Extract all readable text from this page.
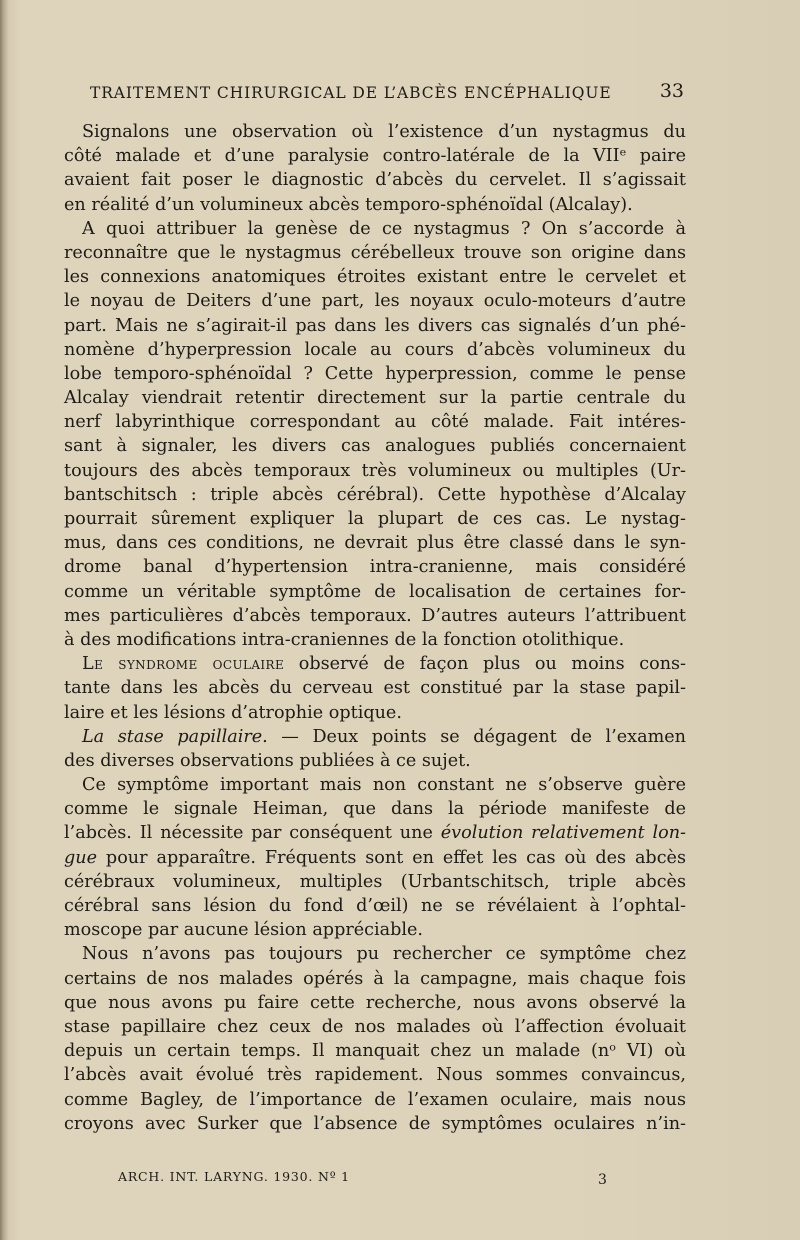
TRAITEMENT CHIRURGICAL DE L’ABCÈS ENCÉPHALIQUE	33
Signalons une observation où l’existence d’un nystagmus du
côté malade et d’une paralysie contro-latérale de la VIIᵉ paire
avaient fait poser le diagnostic d’abcès du cervelet. Il s’agissait
en réalité d’un volumineux abcès temporo-sphénoïdal (Alcalay).
A quoi attribuer la genèse de ce nystagmus ? On s’accorde à
reconnaître que le nystagmus cérébelleux trouve son origine dans
les connexions anatomiques étroites existant entre le cervelet et
le noyau de Deiters d’une part, les noyaux oculo-moteurs d’autre
part. Mais ne s’agirait-il pas dans les divers cas signalés d’un phé-
nomène d’hyperpression locale au cours d’abcès volumineux du
lobe temporo-sphénoïdal ? Cette hyperpression, comme le pense
Alcalay viendrait retentir directement sur la partie centrale du
nerf labyrinthique correspondant au côté malade. Fait intéres-
sant à signaler, les divers cas analogues publiés concernaient
toujours des abcès temporaux très volumineux ou multiples (Ur-
bantschitsch : triple abcès cérébral). Cette hypothèse d’Alcalay
pourrait sûrement expliquer la plupart de ces cas. Le nystag-
mus, dans ces conditions, ne devrait plus être classé dans le syn-
drome banal d’hypertension intra-cranienne, mais considéré
comme un véritable symptôme de localisation de certaines for-
mes particulières d’abcès temporaux. D’autres auteurs l’attribuent
à des modifications intra-craniennes de la fonction otolithique.
Le syndrome oculaire observé de façon plus ou moins cons-
tante dans les abcès du cerveau est constitué par la stase papil-
laire et les lésions d’atrophie optique.
La stase papillaire. — Deux points se dégagent de l’examen
des diverses observations publiées à ce sujet.
Ce symptôme important mais non constant ne s’observe guère
comme le signale Heiman, que dans la période manifeste de
l’abcès. Il nécessite par conséquent une évolution relativement lon-
gue pour apparaître. Fréquents sont en effet les cas où des abcès
cérébraux volumineux, multiples (Urbantschitsch, triple abcès
cérébral sans lésion du fond d’œil) ne se révélaient à l’ophtal-
moscope par aucune lésion appréciable.
Nous n’avons pas toujours pu rechercher ce symptôme chez
certains de nos malades opérés à la campagne, mais chaque fois
que nous avons pu faire cette recherche, nous avons observé la
stase papillaire chez ceux de nos malades où l’affection évoluait
depuis un certain temps. Il manquait chez un malade (nᵒ VI) où
l’abcès avait évolué très rapidement. Nous sommes convaincus,
comme Bagley, de l’importance de l’examen oculaire, mais nous
croyons avec Surker que l’absence de symptômes oculaires n’in-
ARCH. INT. LARYNG. 1930. Nº 1	3
